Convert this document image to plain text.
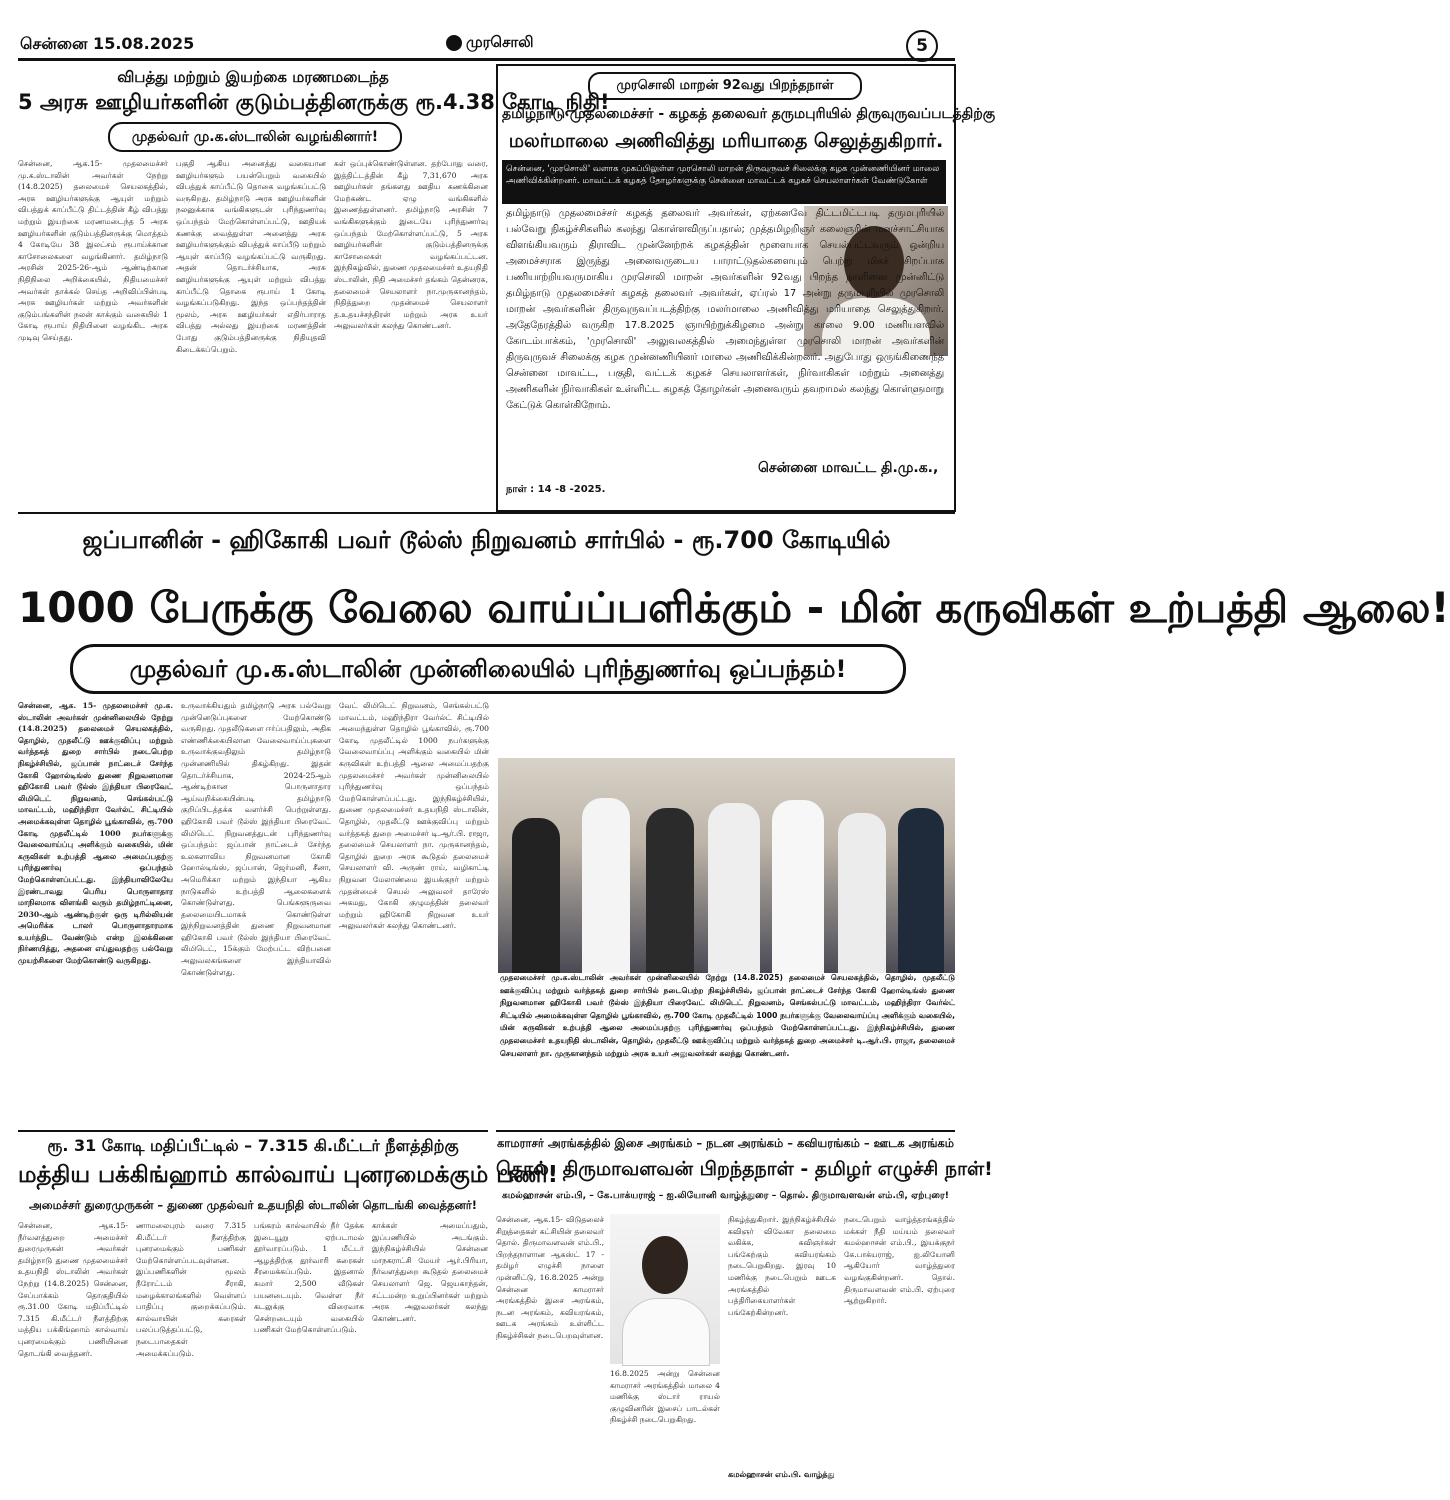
சென்னை 15.08.2025	முரசொலி	5
விபத்து மற்றும் இயற்கை மரணமடைந்த
5 அரசு ஊழியர்களின் குடும்பத்தினருக்கு ரூ.4.38 கோடி நிதி!
முதல்வர் மு.க.ஸ்டாலின் வழங்கினார்!
சென்னை, ஆக.15- முதலமைச்சர் மு.க.ஸ்டாலின் அவர்கள் நேற்று (14.8.2025) தலைமைச் செயலகத்தில், அரசு ஊழியர்களுக்கு ஆயுள் மற்றும் விபத்துக் காப்பீட்டு திட்டத்தின் கீழ் விபத்து மற்றும் இயற்கை மரணமடைந்த 5 அரசு ஊழியர்களின் குடும்பத்தினருக்கு மொத்தம் 4 கோடியே 38 இலட்சம் ரூபாய்க்கான காசோலைகளை வழங்கினார். தமிழ்நாடு அரசின் 2025-26-ஆம் ஆண்டிற்கான நிதிநிலை அறிக்கையில், நிதியமைச்சர் அவர்கள் தாக்கல் செய்த அறிவிப்பின்படி அரசு ஊழியர்கள் மற்றும் அவர்களின் குடும்பங்களின் நலன் காக்கும் வகையில் 1 கோடி ரூபாய் நிதியினை வழங்கிட அரசு முடிவு செய்தது.
பகுதி ஆகிய அனைத்து வகையான ஊழியர்களும் பயன்பெறும் வகையில் விபத்துக் காப்பீட்டு தொகை வழங்கப்பட்டு வருகிறது. தமிழ்நாடு அரசு ஊழியர்களின் நலனுக்காக வங்கிகளுடன் புரிந்துணர்வு ஒப்பந்தம் மேற்கொள்ளப்பட்டு, ஊதியக் கணக்கு வைத்துள்ள அனைத்து அரசு ஊழியர்களுக்கும் விபத்துக் காப்பீடு மற்றும் ஆயுள் காப்பீடு வழங்கப்பட்டு வருகிறது. அதன் தொடர்ச்சியாக, அரசு ஊழியர்களுக்கு ஆயுள் மற்றும் விபத்து காப்பீட்டு தொகை ரூபாய் 1 கோடி வழங்கப்படுகிறது. இந்த ஒப்பந்தத்தின் மூலம், அரசு ஊழியர்கள் எதிர்பாராத விபத்து அல்லது இயற்கை மரணத்தின் போது குடும்பத்தினருக்கு நிதியுதவி கிடைக்கப்பெறும்.
கள் ஒப்புக்கொண்டுள்ளன. தற்போது வரை, இத்திட்டத்தின் கீழ் 7,31,670 அரசு ஊழியர்கள் தங்களது ஊதிய கணக்கினை மேற்கண்ட ஏழு வங்கிகளில் இணைத்துள்ளனர். தமிழ்நாடு அரசின் 7 வங்கிகளுக்கும் இடையே புரிந்துணர்வு ஒப்பந்தம் மேற்கொள்ளப்பட்டு, 5 அரசு ஊழியர்களின் குடும்பத்தினருக்கு காசோலைகள் வழங்கப்பட்டன. இந்நிகழ்வில், துணை முதலமைச்சர் உதயநிதி ஸ்டாலின், நிதி அமைச்சர் தங்கம் தென்னரசு, தலைமைச் செயலாளர் நா.முருகானந்தம், நிதித்துறை முதன்மைச் செயலாளர் த.உதயச்சந்திரன் மற்றும் அரசு உயர் அலுவலர்கள் கலந்து கொண்டனர்.
முரசொலி மாறன் 92வது பிறந்தநாள்
தமிழ்நாடு முதலமைச்சர் - கழகத் தலைவர் தருமபுரியில் திருவுருவப்படத்திற்கு
மலர்மாலை அணிவித்து மரியாதை செலுத்துகிறார்.
சென்னை, 'முரசொலி' வளாக முகப்பிலுள்ள முரசொலி மாறன் திருவுருவச் சிலைக்கு கழக முன்னணியினர் மாலை அணிவிக்கின்றனர். மாவட்டக் கழகத் தோழர்களுக்கு சென்னை மாவட்டக் கழகச் செயலாளர்கள் வேண்டுகோள்
தமிழ்நாடு முதலமைச்சர் கழகத் தலைவர் அவர்கள், ஏற்கனவே திட்டமிட்டபடி தருமபுரியில் பல்வேறு நிகழ்ச்சிகளில் கலந்து கொள்ளவிருப்பதால்; முத்தமிழறிஞர் கலைஞரின் மனச்சாட்சியாக விளங்கியவரும் திராவிட முன்னேற்றக் கழகத்தின் மூளையாக செயல்பட்டவரும் ஒன்றிய அமைச்சராக இருந்து அனைவருடைய பாராட்டுதல்களையும் பெற்று மிகச் சிறப்பாக பணியாற்றியவருமாகிய முரசொலி மாறன் அவர்களின் 92வது பிறந்த நாளினை முன்னிட்டு தமிழ்நாடு முதலமைச்சர் கழகத் தலைவர் அவர்கள், ஏப்ரல் 17 அன்று தருமபுரியில் முரசொலி மாறன் அவர்களின் திருவுருவப்படத்திற்கு மலர்மாலை அணிவித்து மரியாதை செலுத்துகிறார். அதேநேரத்தில் வருகிற 17.8.2025 ஞாயிற்றுக்கிழமை அன்று காலை 9.00 மணியளவில் கோடம்பாக்கம், 'முரசொலி' அலுவலகத்தில் அமைந்துள்ள முரசொலி மாறன் அவர்களின் திருவுருவச் சிலைக்கு கழக முன்னணியினர் மாலை அணிவிக்கின்றனர். அதுபோது ஒருங்கிணைந்த சென்னை மாவட்ட, பகுதி, வட்டக் கழகச் செயலாளர்கள், நிர்வாகிகள் மற்றும் அனைத்து அணிகளின் நிர்வாகிகள் உள்ளிட்ட கழகத் தோழர்கள் அனைவரும் தவறாமல் கலந்து கொள்ளுமாறு கேட்டுக் கொள்கிறோம்.
நாள் : 14 -8 -2025.
சென்னை மாவட்ட தி.மு.க.,
ஜப்பானின் - ஹிகோகி பவர் டூல்ஸ் நிறுவனம் சார்பில் - ரூ.700 கோடியில்
1000 பேருக்கு வேலை வாய்ப்பளிக்கும் - மின் கருவிகள் உற்பத்தி ஆலை!
முதல்வர் மு.க.ஸ்டாலின் முன்னிலையில் புரிந்துணர்வு ஒப்பந்தம்!
சென்னை, ஆக. 15- முதலமைச்சர் மு.க. ஸ்டாலின் அவர்கள் முன்னிலையில் நேற்று (14.8.2025) தலைமைச் செயலகத்தில், தொழில், முதலீட்டு ஊக்குவிப்பு மற்றும் வர்த்தகத் துறை சார்பில் நடைபெற்ற நிகழ்ச்சியில், ஜப்பான் நாட்டைச் சேர்ந்த கோகி ஹோல்டிங்ஸ் துணை நிறுவனமான ஹிகோகி பவர் டூல்ஸ் இந்தியா பிரைவேட் லிமிடெட் நிறுவனம், செங்கல்பட்டு மாவட்டம், மஹிந்திரா வேர்ல்ட் சிட்டியில் அமைக்கவுள்ள தொழில் பூங்காவில், ரூ.700 கோடி முதலீட்டில் 1000 நபர்களுக்கு வேலைவாய்ப்பு அளிக்கும் வகையில், மின் கருவிகள் உற்பத்தி ஆலை அமைப்பதற்கு புரிந்துணர்வு ஒப்பந்தம் மேற்கொள்ளப்பட்டது. இந்தியாவிலேயே இரண்டாவது பெரிய பொருளாதார மாநிலமாக விளங்கி வரும் தமிழ்நாட்டினை, 2030-ஆம் ஆண்டிற்குள் ஒரு டிரில்லியன் அமெரிக்க டாலர் பொருளாதாரமாக உயர்த்திட வேண்டும் என்ற இலக்கினை நிர்ணயித்து, அதனை எய்துவதற்கு பல்வேறு முயற்சிகளை மேற்கொண்டு வருகிறது.
உருவாக்கியதும் தமிழ்நாடு அரசு பல்வேறு முன்னெடுப்புகளை மேற்கொண்டு வருகிறது. முதலீடுகளை ஈர்ப்பதிலும், அதிக எண்ணிக்கையிலான வேலைவாய்ப்புகளை உருவாக்குவதிலும் தமிழ்நாடு முன்னணியில் திகழ்கிறது. இதன் தொடர்ச்சியாக, 2024-25ஆம் ஆண்டிற்கான பொருளாதார ஆய்வறிக்கையின்படி தமிழ்நாடு குறிப்பிடத்தக்க வளர்ச்சி பெற்றுள்ளது. ஹிகோகி பவர் டூல்ஸ் இந்தியா பிரைவேட் லிமிடெட் நிறுவனத்துடன் புரிந்துணர்வு ஒப்பந்தம்: ஜப்பான் நாட்டைச் சேர்ந்த உலகளாவிய நிறுவனமான கோகி ஹோல்டிங்ஸ், ஜப்பான், ஜெர்மனி, சீனா, அமெரிக்கா மற்றும் இந்தியா ஆகிய நாடுகளில் உற்பத்தி ஆலைகளைக் கொண்டுள்ளது. பெங்களூருவை தலைமையிடமாகக் கொண்டுள்ள இந்நிறுவனத்தின் துணை நிறுவனமான ஹிகோகி பவர் டூல்ஸ் இந்தியா பிரைவேட் லிமிடெட், 15க்கும் மேற்பட்ட விற்பனை அலுவலகங்களை இந்தியாவில் கொண்டுள்ளது.
வேட் லிமிடெட் நிறுவனம், செங்கல்பட்டு மாவட்டம், மஹிந்திரா வேர்ல்ட் சிட்டியில் அமைந்துள்ள தொழில் பூங்காவில், ரூ.700 கோடி முதலீட்டில் 1000 நபர்களுக்கு வேலைவாய்ப்பு அளிக்கும் வகையில் மின் கருவிகள் உற்பத்தி ஆலை அமைப்பதற்கு முதலமைச்சர் அவர்கள் முன்னிலையில் புரிந்துணர்வு ஒப்பந்தம் மேற்கொள்ளப்பட்டது. இந்நிகழ்ச்சியில், துணை முதலமைச்சர் உதயநிதி ஸ்டாலின், தொழில், முதலீட்டு ஊக்குவிப்பு மற்றும் வர்த்தகத் துறை அமைச்சர் டி.ஆர்.பி. ராஜா, தலைமைச் செயலாளர் நா. முருகானந்தம், தொழில் துறை அரசு கூடுதல் தலைமைச் செயலாளர் வி. அருண் ராய், வழிகாட்டி நிறுவன மேலாண்மை இயக்குநர் மற்றும் முதன்மைச் செயல் அலுவலர் தாரேஸ் அகமது, கோகி குழுமத்தின் தலைவர் மற்றும் ஹிகோகி நிறுவன உயர் அலுவலர்கள் கலந்து கொண்டனர்.
முதலமைச்சர் மு.க.ஸ்டாலின் அவர்கள் முன்னிலையில் நேற்று (14.8.2025) தலைமைச் செயலகத்தில், தொழில், முதலீட்டு ஊக்குவிப்பு மற்றும் வர்த்தகத் துறை சார்பில் நடைபெற்ற நிகழ்ச்சியில், ஜப்பான் நாட்டைச் சேர்ந்த கோகி ஹோல்டிங்ஸ் துணை நிறுவனமான ஹிகோகி பவர் டூல்ஸ் இந்தியா பிரைவேட் லிமிடெட் நிறுவனம், செங்கல்பட்டு மாவட்டம், மஹிந்திரா வேர்ல்ட் சிட்டியில் அமைக்கவுள்ள தொழில் பூங்காவில், ரூ.700 கோடி முதலீட்டில் 1000 நபர்களுக்கு வேலைவாய்ப்பு அளிக்கும் வகையில், மின் கருவிகள் உற்பத்தி ஆலை அமைப்பதற்கு புரிந்துணர்வு ஒப்பந்தம் மேற்கொள்ளப்பட்டது. இந்நிகழ்ச்சியில், துணை முதலமைச்சர் உதயநிதி ஸ்டாலின், தொழில், முதலீட்டு ஊக்குவிப்பு மற்றும் வர்த்தகத் துறை அமைச்சர் டி.ஆர்.பி. ராஜா, தலைமைச் செயலாளர் நா. முருகானந்தம் மற்றும் அரசு உயர் அலுவலர்கள் கலந்து கொண்டனர்.
ரூ. 31 கோடி மதிப்பீட்டில் – 7.315 கி.மீட்டர் நீளத்திற்கு
மத்திய பக்கிங்ஹாம் கால்வாய் புனரமைக்கும் பணி!
அமைச்சர் துரைமுருகன் – துணை முதல்வர் உதயநிதி ஸ்டாலின் தொடங்கி வைத்தனர்!
சென்னை, ஆக.15- நீர்வளத்துறை அமைச்சர் துரைமுருகன் அவர்கள் தமிழ்நாடு துணை முதலமைச்சர் உதயநிதி ஸ்டாலின் அவர்கள் நேற்று (14.8.2025) சென்னை, சேப்பாக்கம் தொகுதியில் ரூ.31.00 கோடி மதிப்பீட்டில் 7.315 கி.மீட்டர் நீளத்திற்கு மத்திய பக்கிங்ஹாம் கால்வாய் புனரமைக்கும் பணியினை தொடங்கி வைத்தனர்.
ணாமலைபுரம் வரை 7.315 கி.மீட்டர் நீளத்திற்கு புனரமைக்கும் பணிகள் மேற்கொள்ளப்படவுள்ளன. இப்பணிகளின் மூலம் நீரோட்டம் சீராகி, மழைக்காலங்களில் வெள்ளப் பாதிப்பு குறைக்கப்படும். கால்வாயின் கரைகள் பலப்படுத்தப்பட்டு, நடைபாதைகள் அமைக்கப்படும்.
பங்கரம் கால்வாயில் நீர் தேக்க இடையூறு ஏற்படாமல் தூர்வாரப்படும். 1 மீட்டர் ஆழத்திற்கு தூர்வாரி கரைகள் சீரமைக்கப்படும். இதனால் சுமார் 2,500 வீடுகள் பயனடையும். வெள்ள நீர் கடலுக்கு விரைவாக சென்றடையும் வகையில் பணிகள் மேற்கொள்ளப்படும்.
காக்கள் அமைப்பதும், இப்பணியில் அடங்கும். இந்நிகழ்ச்சியில் சென்னை மாநகராட்சி மேயர் ஆர்.பிரியா, நீர்வளத்துறை கூடுதல் தலைமைச் செயலாளர் ஜெ. ஜெயகாந்தன், சட்டமன்ற உறுப்பினர்கள் மற்றும் அரசு அலுவலர்கள் கலந்து கொண்டனர்.
காமராசர் அரங்கத்தில் இசை அரங்கம் – நடன அரங்கம் – கவியரங்கம் – ஊடக அரங்கம்
தொல். திருமாவளவன் பிறந்தநாள் - தமிழர் எழுச்சி நாள்!
கமல்ஹாசன் எம்.பி, – கே.பாக்யராஜ் – ஐ.லியோனி வாழ்த்துரை – தொல். திருமாவளவன் எம்.பி, ஏற்புரை!
சென்னை, ஆக.15- விடுதலைச் சிறுத்தைகள் கட்சியின் தலைவர் தொல். திருமாவளவன் எம்.பி., பிறந்தநாளான ஆகஸ்ட் 17 - தமிழர் எழுச்சி நாளை முன்னிட்டு, 16.8.2025 அன்று சென்னை காமராசர் அரங்கத்தில் இசை அரங்கம், நடன அரங்கம், கவியரங்கம், ஊடக அரங்கம் உள்ளிட்ட நிகழ்ச்சிகள் நடைபெறவுள்ளன.
16.8.2025 அன்று சென்னை காமராசர் அரங்கத்தில் மாலை 4 மணிக்கு ஸ்டார் ராயல் குழுவினரின் இசைப் பாடல்கள் நிகழ்ச்சி நடைபெறுகிறது.
நிகழ்த்துகிறார். இந்நிகழ்ச்சியில் கவிஞர் விவேகா தலைமை வகிக்க, கவிஞர்கள் பங்கேற்கும் கவியரங்கம் நடைபெறுகிறது. இரவு 10 மணிக்கு நடைபெறும் ஊடக அரங்கத்தில் பத்திரிகையாளர்கள் பங்கேற்கின்றனர்.
நடைபெறும் வாழ்த்தரங்கத்தில் மக்கள் நீதி மய்யம் தலைவர் கமல்ஹாசன் எம்.பி., இயக்குநர் கே.பாக்யராஜ், ஐ.லியோனி ஆகியோர் வாழ்த்துரை வழங்குகின்றனர். தொல். திருமாவளவன் எம்.பி. ஏற்புரை ஆற்றுகிறார்.
கமல்ஹாசன் எம்.பி. வாழ்த்து
